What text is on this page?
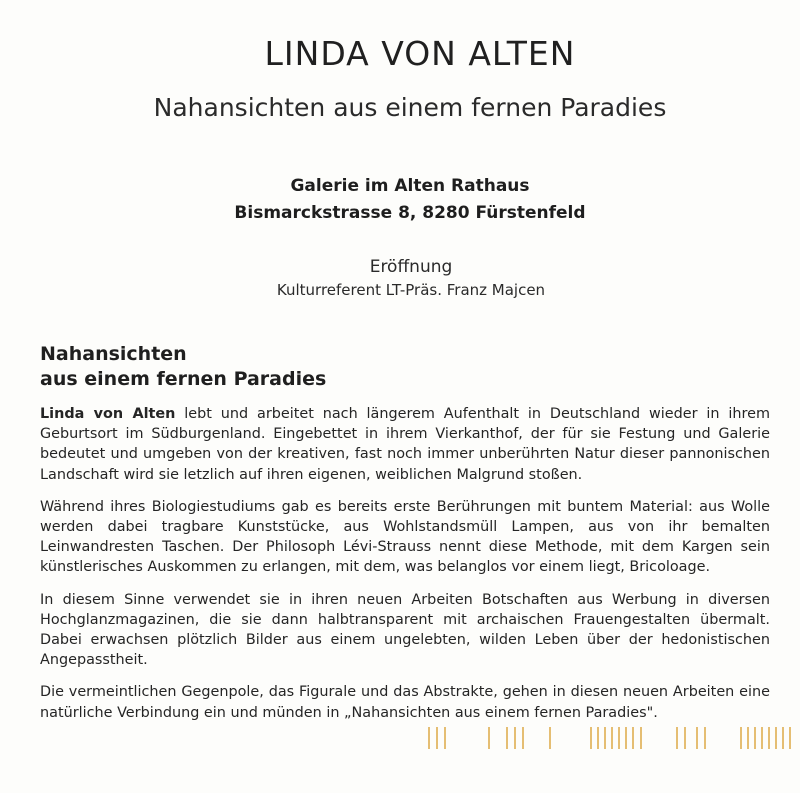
LINDA VON ALTEN
Nahansichten aus einem fernen Paradies
Galerie im Alten Rathaus
Bismarckstrasse 8, 8280 Fürstenfeld
Eröffnung
Kulturreferent LT-Präs. Franz Majcen
Nahansichten
aus einem fernen Paradies

Linda von Alten lebt und arbeitet nach längerem Aufenthalt in Deutschland wieder in ihrem Geburtsort im Südburgenland. Eingebettet in ihrem Vierkanthof, der für sie Festung und Galerie bedeutet und umgeben von der kreativen, fast noch immer unberührten Natur dieser pannonischen Landschaft wird sie letzlich auf ihren eigenen, weiblichen Malgrund stoßen.

Während ihres Biologiestudiums gab es bereits erste Berührungen mit buntem Material: aus Wolle werden dabei tragbare Kunststücke, aus Wohlstandsmüll Lampen, aus von ihr bemalten Leinwandresten Taschen. Der Philosoph Lévi-Strauss nennt diese Methode, mit dem Kargen sein künstlerisches Auskommen zu erlangen, mit dem, was belanglos vor einem liegt, Bricoloage.

In diesem Sinne verwendet sie in ihren neuen Arbeiten Botschaften aus Werbung in diversen Hochglanzmagazinen, die sie dann halbtransparent mit archaischen Frauengestalten übermalt. Dabei erwachsen plötzlich Bilder aus einem ungelebten, wilden Leben über der hedonistischen Angepasstheit.

Die vermeintlichen Gegenpole, das Figurale und das Abstrakte, gehen in diesen neuen Arbeiten eine natürliche Verbindung ein und münden in „Nahansichten aus einem fernen Paradies".
